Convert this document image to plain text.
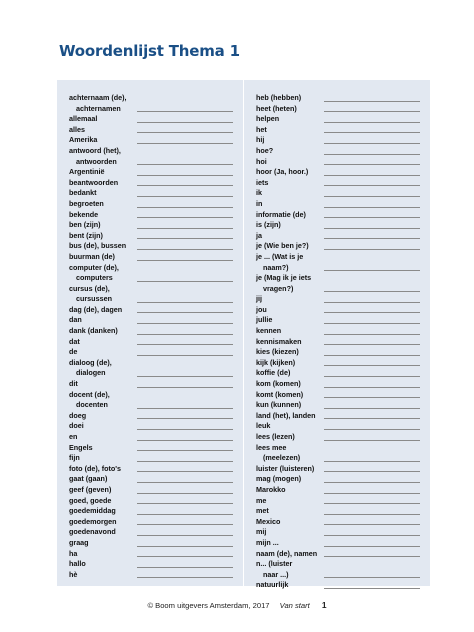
Woordenlijst Thema 1
achternaam (de),
achternamen
allemaal
alles
Amerika
antwoord (het),
antwoorden
Argentinië
beantwoorden
bedankt
begroeten
bekende
ben (zijn)
bent (zijn)
bus (de), bussen
buurman (de)
computer (de),
computers
cursus (de),
cursussen
dag (de), dagen
dan
dank (danken)
dat
de
dialoog (de),
dialogen
dit
docent (de),
docenten
doeg
doei
en
Engels
fijn
foto (de), foto's
gaat (gaan)
geef (geven)
goed, goede
goedemiddag
goedemorgen
goedenavond
graag
ha
hallo
hè
heb (hebben)
heet (heten)
helpen
het
hij
hoe?
hoi
hoor (Ja, hoor.)
iets
ik
in
informatie (de)
is (zijn)
ja
je (Wie ben je?)
je ... (Wat is je
naam?)
je (Mag ik je iets
vragen?)
jij
jou
jullie
kennen
kennismaken
kies (kiezen)
kijk (kijken)
koffie (de)
kom (komen)
komt (komen)
kun (kunnen)
land (het), landen
leuk
lees (lezen)
lees mee
(meelezen)
luister (luisteren)
mag (mogen)
Marokko
me
met
Mexico
mij
mijn ...
naam (de), namen
n... (luister
naar ...)
natuurlijk
© Boom uitgevers Amsterdam, 2017 Van start 1
